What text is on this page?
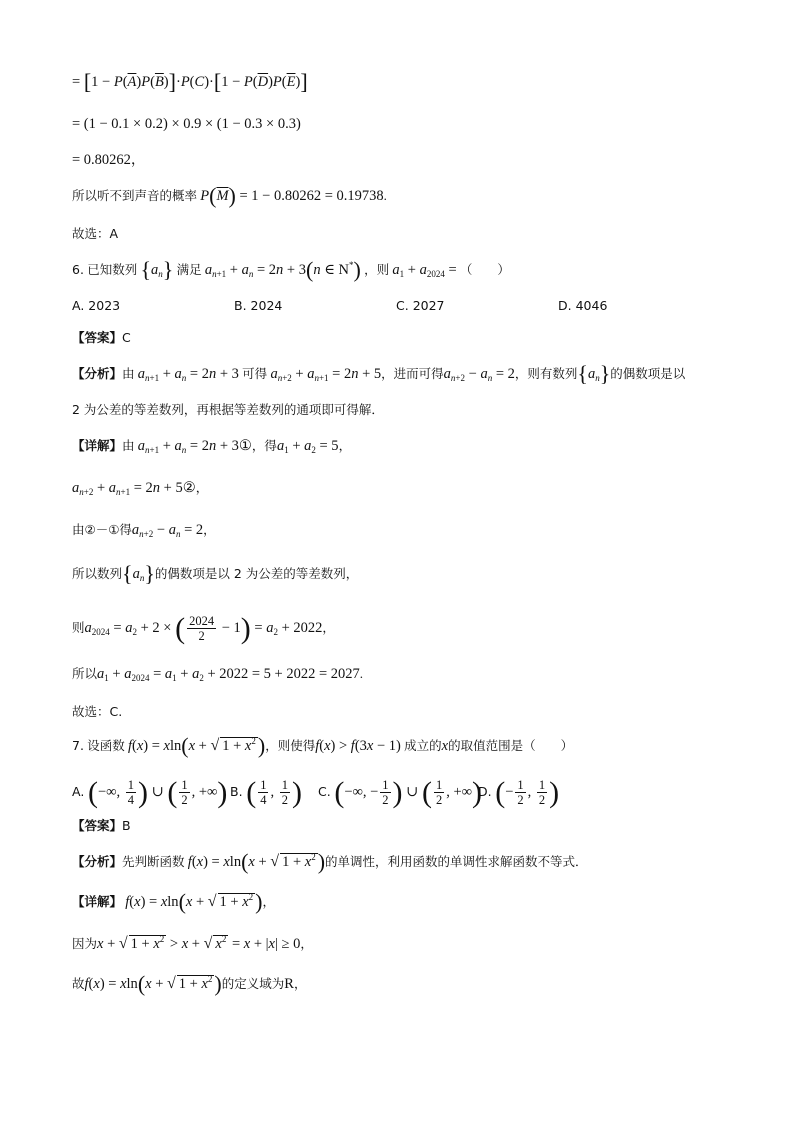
= $[1 - P(\overline{A})P(\overline{B})]\cdot P(C)\cdot[1 - P(\overline{D})P(\overline{E})]$
= (1 − 0.1 × 0.2) × 0.9 × (1 − 0.3 × 0.3)
= 0.80262，
所以听不到声音的概率 $P(\overline{M}) = 1 - 0.80262 = 0.19738$.
故选：A
6. 已知数列 $\{a_n\}$ 满足 $a_{n+1} + a_n = 2n + 3(n$ ∈ N*) ，则 $a_1 + a_{2024}$ = （　　）
A. 2023	B. 2024	C. 2027	D. 4046
【答案】C
【分析】由 $a_{n+1} + a_n = 2n + 3$ 可得 $a_{n+2} + a_{n+1} = 2n + 5$，进而可得$a_{n+2} - a_n = 2$，则有数列$\{a_n\}$的偶数项是以
2 为公差的等差数列，再根据等差数列的通项即可得解．
【详解】由 $a_{n+1} + a_n = 2n$ + 3①，得$a_1 + a_2 = 5$，
$a_{n+2} + a_{n+1} = 2n$ + 5②，
由②－①得$a_{n+2} - a_n = 2$，
所以数列$\{a_n\}$的偶数项是以 2 为公差的等差数列，
则$a_{2024} = a_2 + 2$ × ( $\frac{2024}{2} - 1) = a_2 + 2022$，
所以$a_1 + a_{2024} = a_1 + a_2 + 2022 = 5 + 2022 = 2027$.
故选：C.
7. 设函数 f(x) = xln(x + √ $1 + x^2$)，则使得f(x) > f(3x − 1) 成立的x的取值范围是（　　）
A. (−∞, $\frac{1}{4}$ ) ∪ ( $\frac{1}{2}$ , +∞) B. ( $\frac{1}{4}$ , $\frac{1}{2}$ ) C. (−∞, − $\frac{1}{2}$ ) ∪ ( $\frac{1}{2}$ , +∞)
D. (− $\frac{1}{2}$ , $\frac{1}{2}$ )
【答案】B
【分析】先判断函数 f(x) = xln(x + √ $1 + x^2$)的单调性，利用函数的单调性求解函数不等式．
【详解】 f(x) = xln(x + √ $1 + x^2$)，
因为x + √ $1 + x^2 > x$ + √ $x^2 = x + |x| \ge 0$，
故f(x) = xln(x + √ $1 + x^2$)的定义域为R，
